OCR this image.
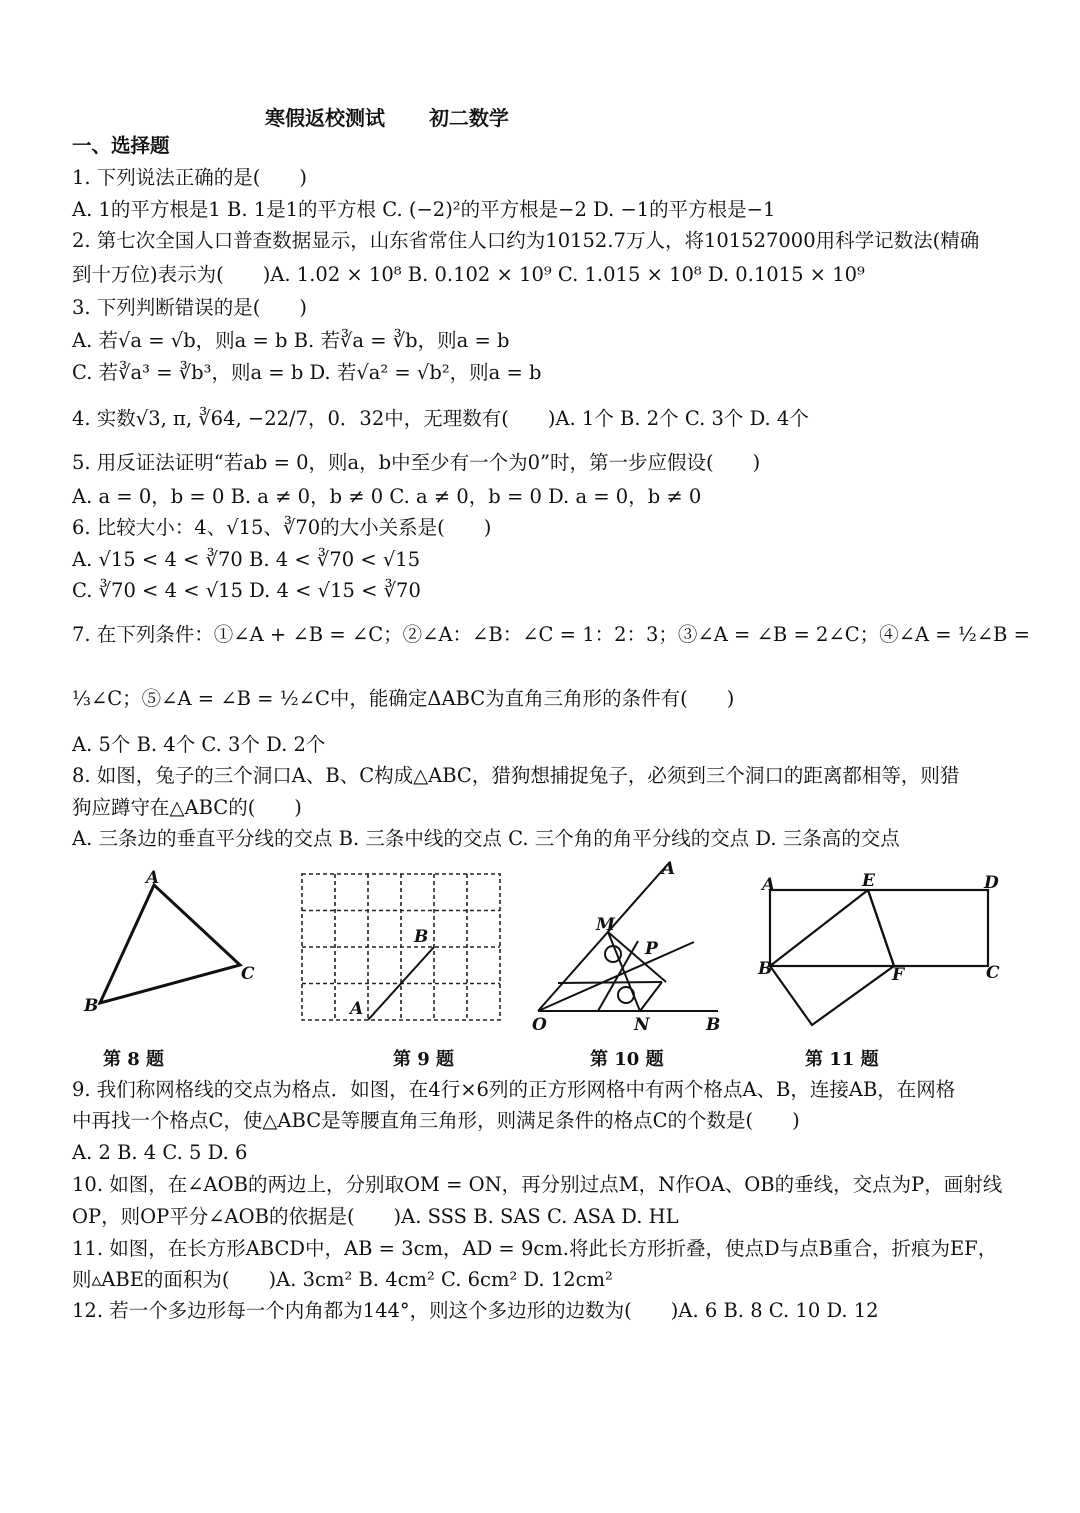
寒假返校测试 初二数学
一、选择题
1. 下列说法正确的是(　　)
A. 1的平方根是1 B. 1是1的平方根 C. (−2)²的平方根是−2 D. −1的平方根是−1
2. 第七次全国人口普查数据显示，山东省常住人口约为10152.7万人，将101527000用科学记数法(精确
到十万位)表示为(　　)A. 1.02 × 10⁸ B. 0.102 × 10⁹ C. 1.015 × 10⁸ D. 0.1015 × 10⁹
3. 下列判断错误的是(　　)
A. 若√a = √b，则a = b B. 若∛a = ∛b，则a = b
C. 若∛a³ = ∛b³，则a = b D. 若√a² = √b²，则a = b
4. 实数√3, π, ∛64, −22/7，0．32中，无理数有(　　)A. 1个 B. 2个 C. 3个 D. 4个
5. 用反证法证明“若ab = 0，则a，b中至少有一个为0”时，第一步应假设(　　)
A. a = 0，b = 0 B. a ≠ 0，b ≠ 0 C. a ≠ 0，b = 0 D. a = 0，b ≠ 0
6. 比较大小：4、√15、∛70的大小关系是(　　)
A. √15 < 4 < ∛70 B. 4 < ∛70 < √15
C. ∛70 < 4 < √15 D. 4 < √15 < ∛70
7. 在下列条件：①∠A + ∠B = ∠C；②∠A：∠B：∠C = 1：2：3；③∠A = ∠B = 2∠C；④∠A = ½∠B =
⅓∠C；⑤∠A = ∠B = ½∠C中，能确定ΔABC为直角三角形的条件有(　　)
A. 5个 B. 4个 C. 3个 D. 2个
8. 如图，兔子的三个洞口A、B、C构成△ABC，猎狗想捕捉兔子，必须到三个洞口的距离都相等，则猎
狗应蹲守在△ABC的(　　)
A. 三条边的垂直平分线的交点 B. 三条中线的交点 C. 三个角的角平分线的交点 D. 三条高的交点
A
B
C
A
B
A
M
P
O	N	B
A	E	D
B	F	C
第 8 题	第 9 题	第 10 题	第 11 题
9. 我们称网格线的交点为格点．如图，在4行×6列的正方形网格中有两个格点A、B，连接AB，在网格
中再找一个格点C，使△ABC是等腰直角三角形，则满足条件的格点C的个数是(　　)
A. 2 B. 4 C. 5 D. 6
10. 如图，在∠AOB的两边上，分别取OM = ON，再分别过点M，N作OA、OB的垂线，交点为P，画射线
OP，则OP平分∠AOB的依据是(　　)A. SSS B. SAS C. ASA D. HL
11. 如图，在长方形ABCD中，AB = 3cm，AD = 9cm.将此长方形折叠，使点D与点B重合，折痕为EF，
则▵ABE的面积为(　　)A. 3cm² B. 4cm² C. 6cm² D. 12cm²
12. 若一个多边形每一个内角都为144°，则这个多边形的边数为(　　)A. 6 B. 8 C. 10 D. 12
